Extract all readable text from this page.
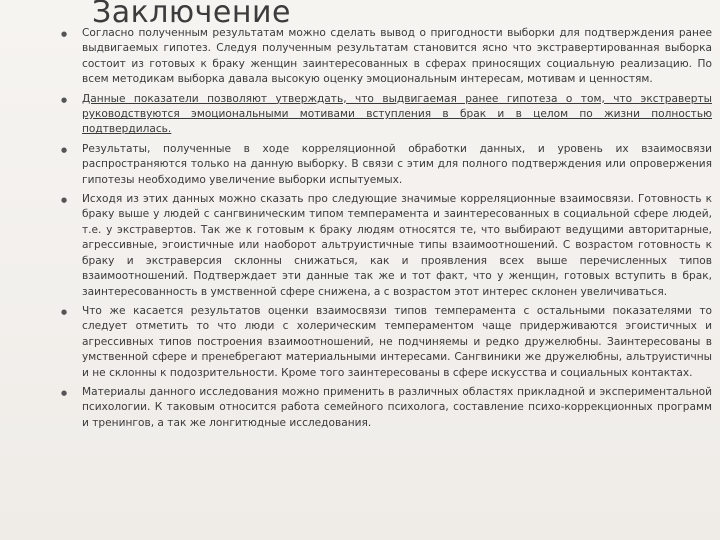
Заключение
● Согласно полученным результатам можно сделать вывод о пригодности выборки для подтверждения ранее выдвигаемых гипотез. Следуя полученным результатам становится ясно что экстравертированная выборка состоит из готовых к браку женщин заинтересованных в сферах приносящих социальную реализацию. По всем методикам выборка давала высокую оценку эмоциональным интересам, мотивам и ценностям.
● Данные показатели позволяют утверждать, что выдвигаемая ранее гипотеза о том, что экстраверты руководствуются эмоциональными мотивами вступления в брак и в целом по жизни полностью подтвердилась.
● Результаты, полученные в ходе корреляционной обработки данных, и уровень их взаимосвязи распространяются только на данную выборку. В связи с этим для полного подтверждения или опровержения гипотезы необходимо увеличение выборки испытуемых.
● Исходя из этих данных можно сказать про следующие значимые корреляционные взаимосвязи. Готовность к браку выше у людей с сангвиническим типом темперамента и заинтересованных в социальной сфере людей, т.е. у экстравертов. Так же к готовым к браку людям относятся те, что выбирают ведущими авторитарные, агрессивные, эгоистичные или наоборот альтруистичные типы взаимоотношений. С возрастом готовность к браку и экстраверсия склонны снижаться, как и проявления всех выше перечисленных типов взаимоотношений. Подтверждает эти данные так же и тот факт, что у женщин, готовых вступить в брак, заинтересованность в умственной сфере снижена, а с возрастом этот интерес склонен увеличиваться.
● Что же касается результатов оценки взаимосвязи типов темперамента с остальными показателями то следует отметить то что люди с холерическим темпераментом чаще придерживаются эгоистичных и агрессивных типов построения взаимоотношений, не подчиняемы и редко дружелюбны. Заинтересованы в умственной сфере и пренебрегают материальными интересами. Сангвиники же дружелюбны, альтруистичны и не склонны к подозрительности. Кроме того заинтересованы в сфере искусства и социальных контактах.
● Материалы данного исследования можно применить в различных областях прикладной и экспериментальной психологии. К таковым относится работа семейного психолога, составление психо-коррекционных программ и тренингов, а так же лонгитюдные исследования.
